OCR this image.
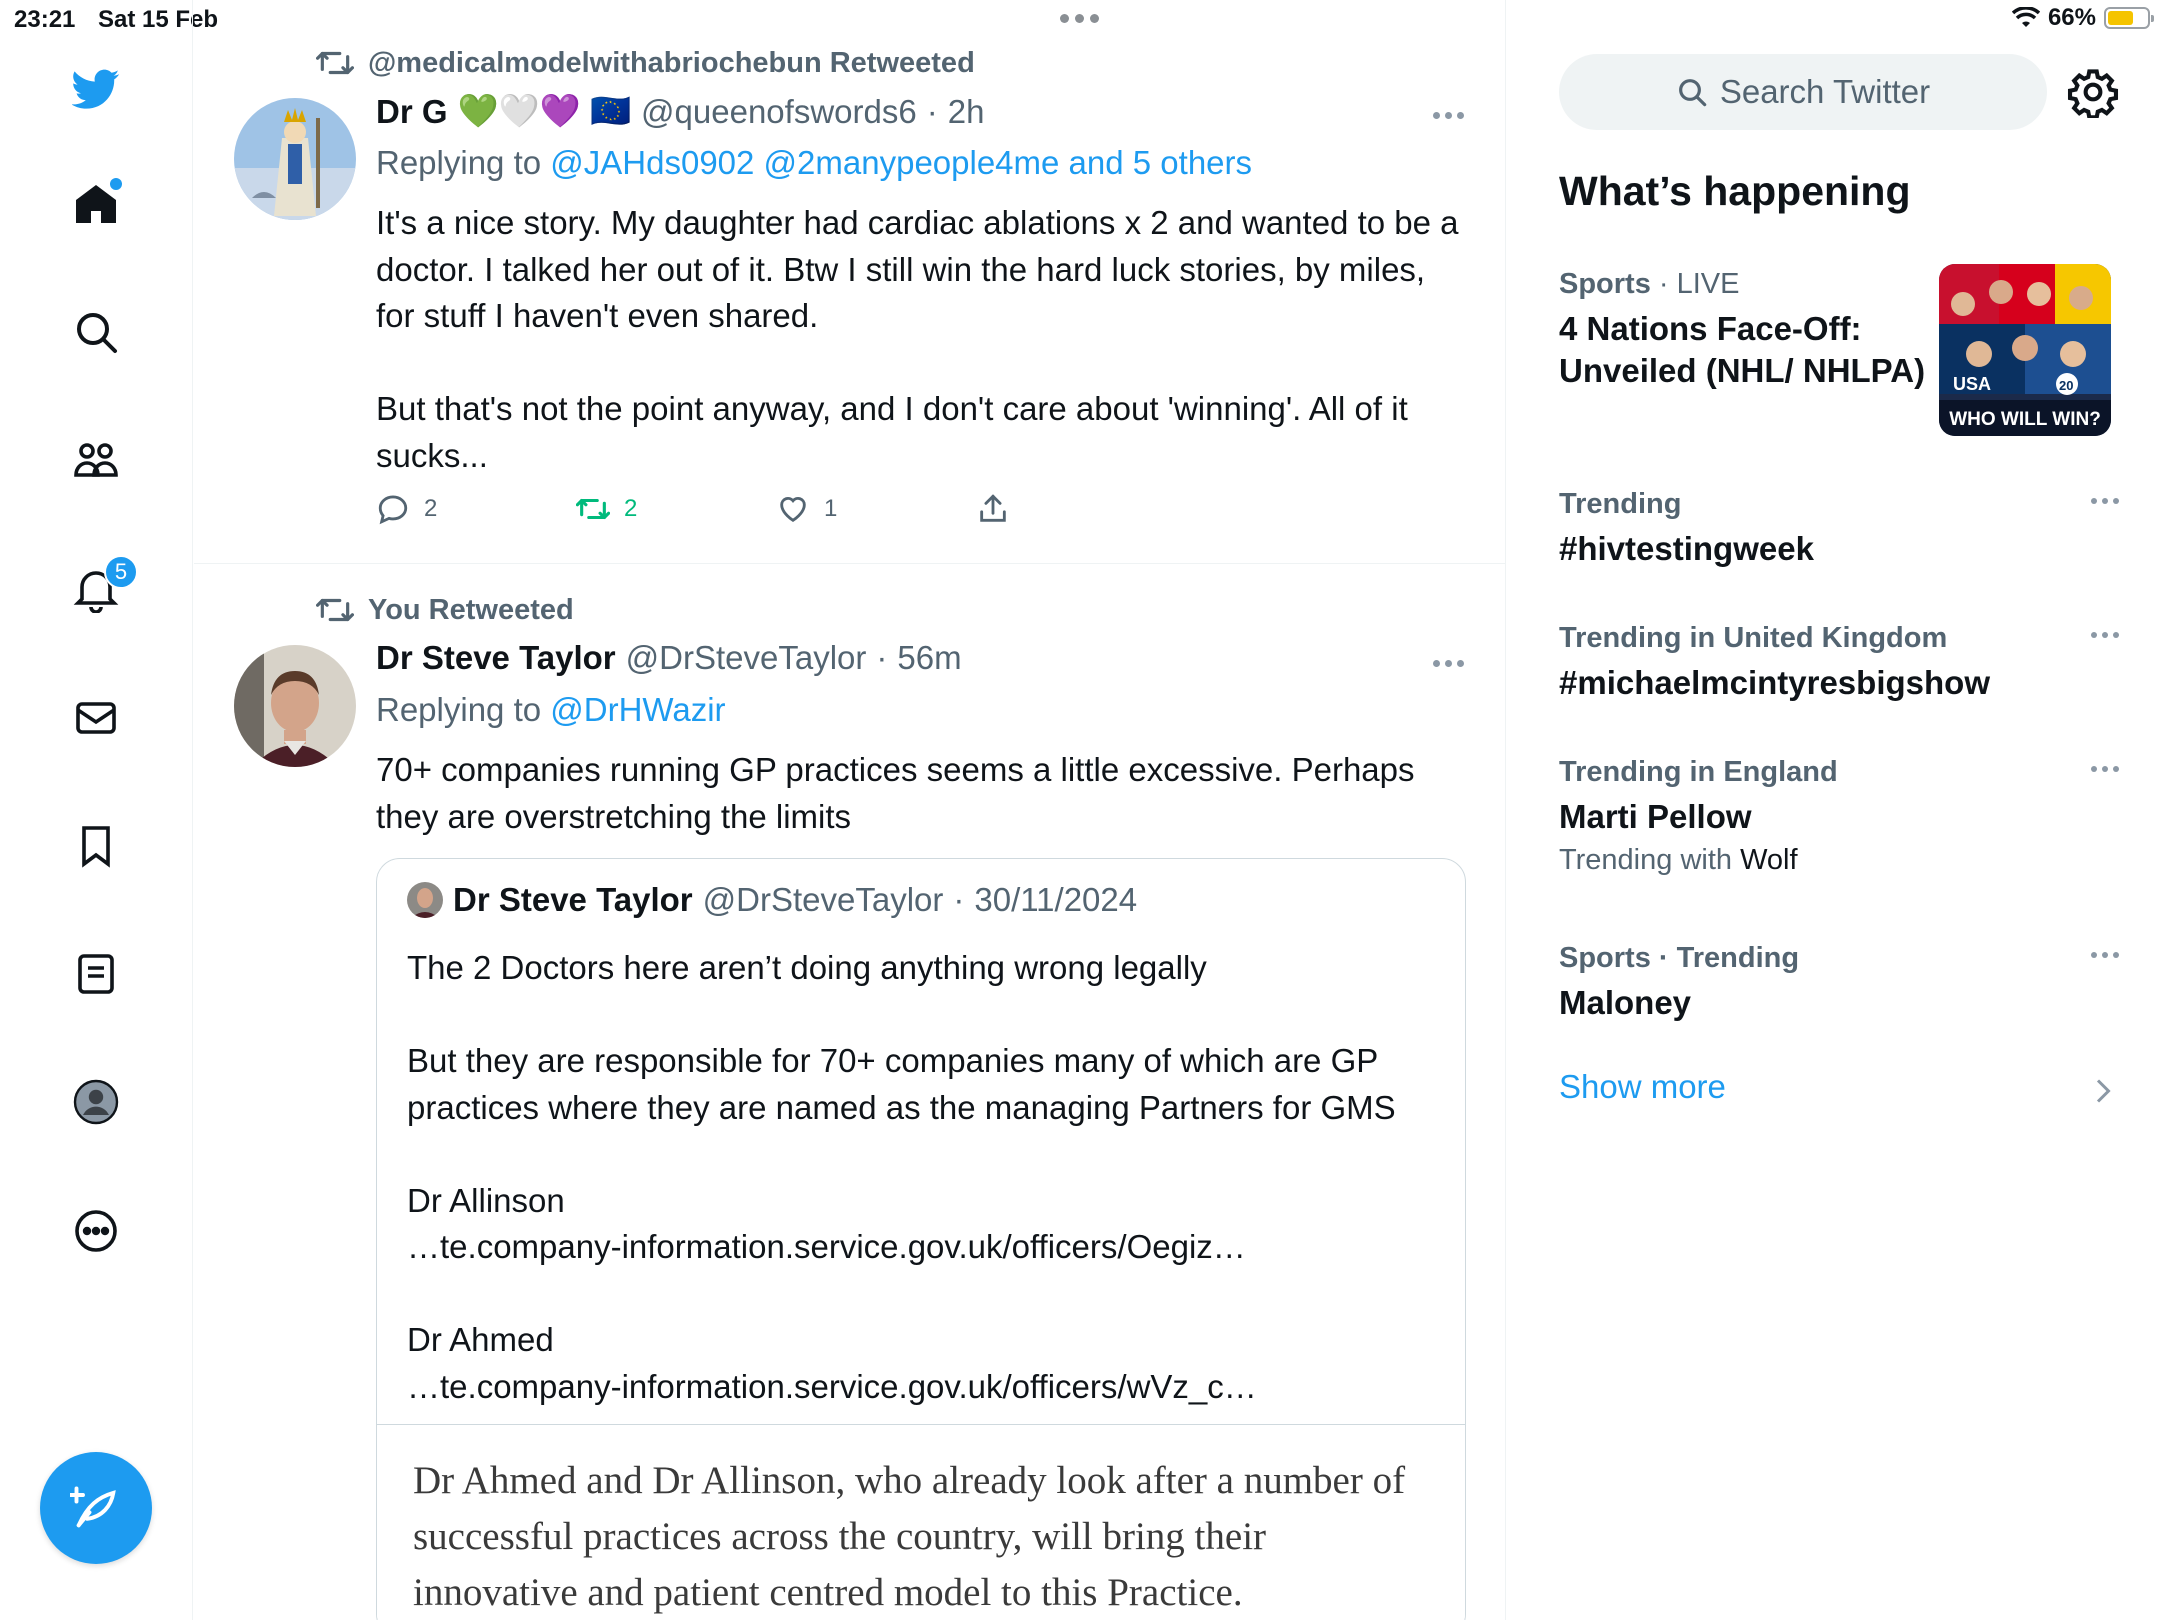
23:21 Sat 15 Feb	66%
5
@medicalmodelwithabriochebun Retweeted
Dr G 💚🤍💜 🇪🇺 @queenofswords6 · 2h
Replying to @JAHds0902 @2manypeople4me and 5 others
It's a nice story. My daughter had cardiac ablations x 2 and wanted to be a doctor. I talked her out of it. Btw I still win the hard luck stories, by miles, for stuff I haven't even shared.

But that's not the point anyway, and I don't care about 'winning'. All of it sucks...
2	2	1
You Retweeted
Dr Steve Taylor @DrSteveTaylor · 56m
Replying to @DrHWazir
70+ companies running GP practices seems a little excessive. Perhaps they are overstretching the limits
Dr Steve Taylor @DrSteveTaylor · 30/11/2024
The 2 Doctors here aren’t doing anything wrong legally

But they are responsible for 70+ companies many of which are GP practices where they are named as the managing Partners for GMS

Dr Allinson
…te.company-information.service.gov.uk/officers/Oegiz…

Dr Ahmed
…te.company-information.service.gov.uk/officers/wVz_c…
Dr Ahmed and Dr Allinson, who already look after a number of successful practices across the country, will bring their innovative and patient centred model to this Practice.
Search Twitter
What’s happening
Sports · LIVE
4 Nations Face-Off: Unveiled (NHL/ NHLPA)	USA	20
WHO WILL WIN?
Trending
#hivtestingweek
Trending in United Kingdom
#michaelmcintyresbigshow
Trending in England
Marti Pellow
Trending with Wolf
Sports · Trending
Maloney
Show more
